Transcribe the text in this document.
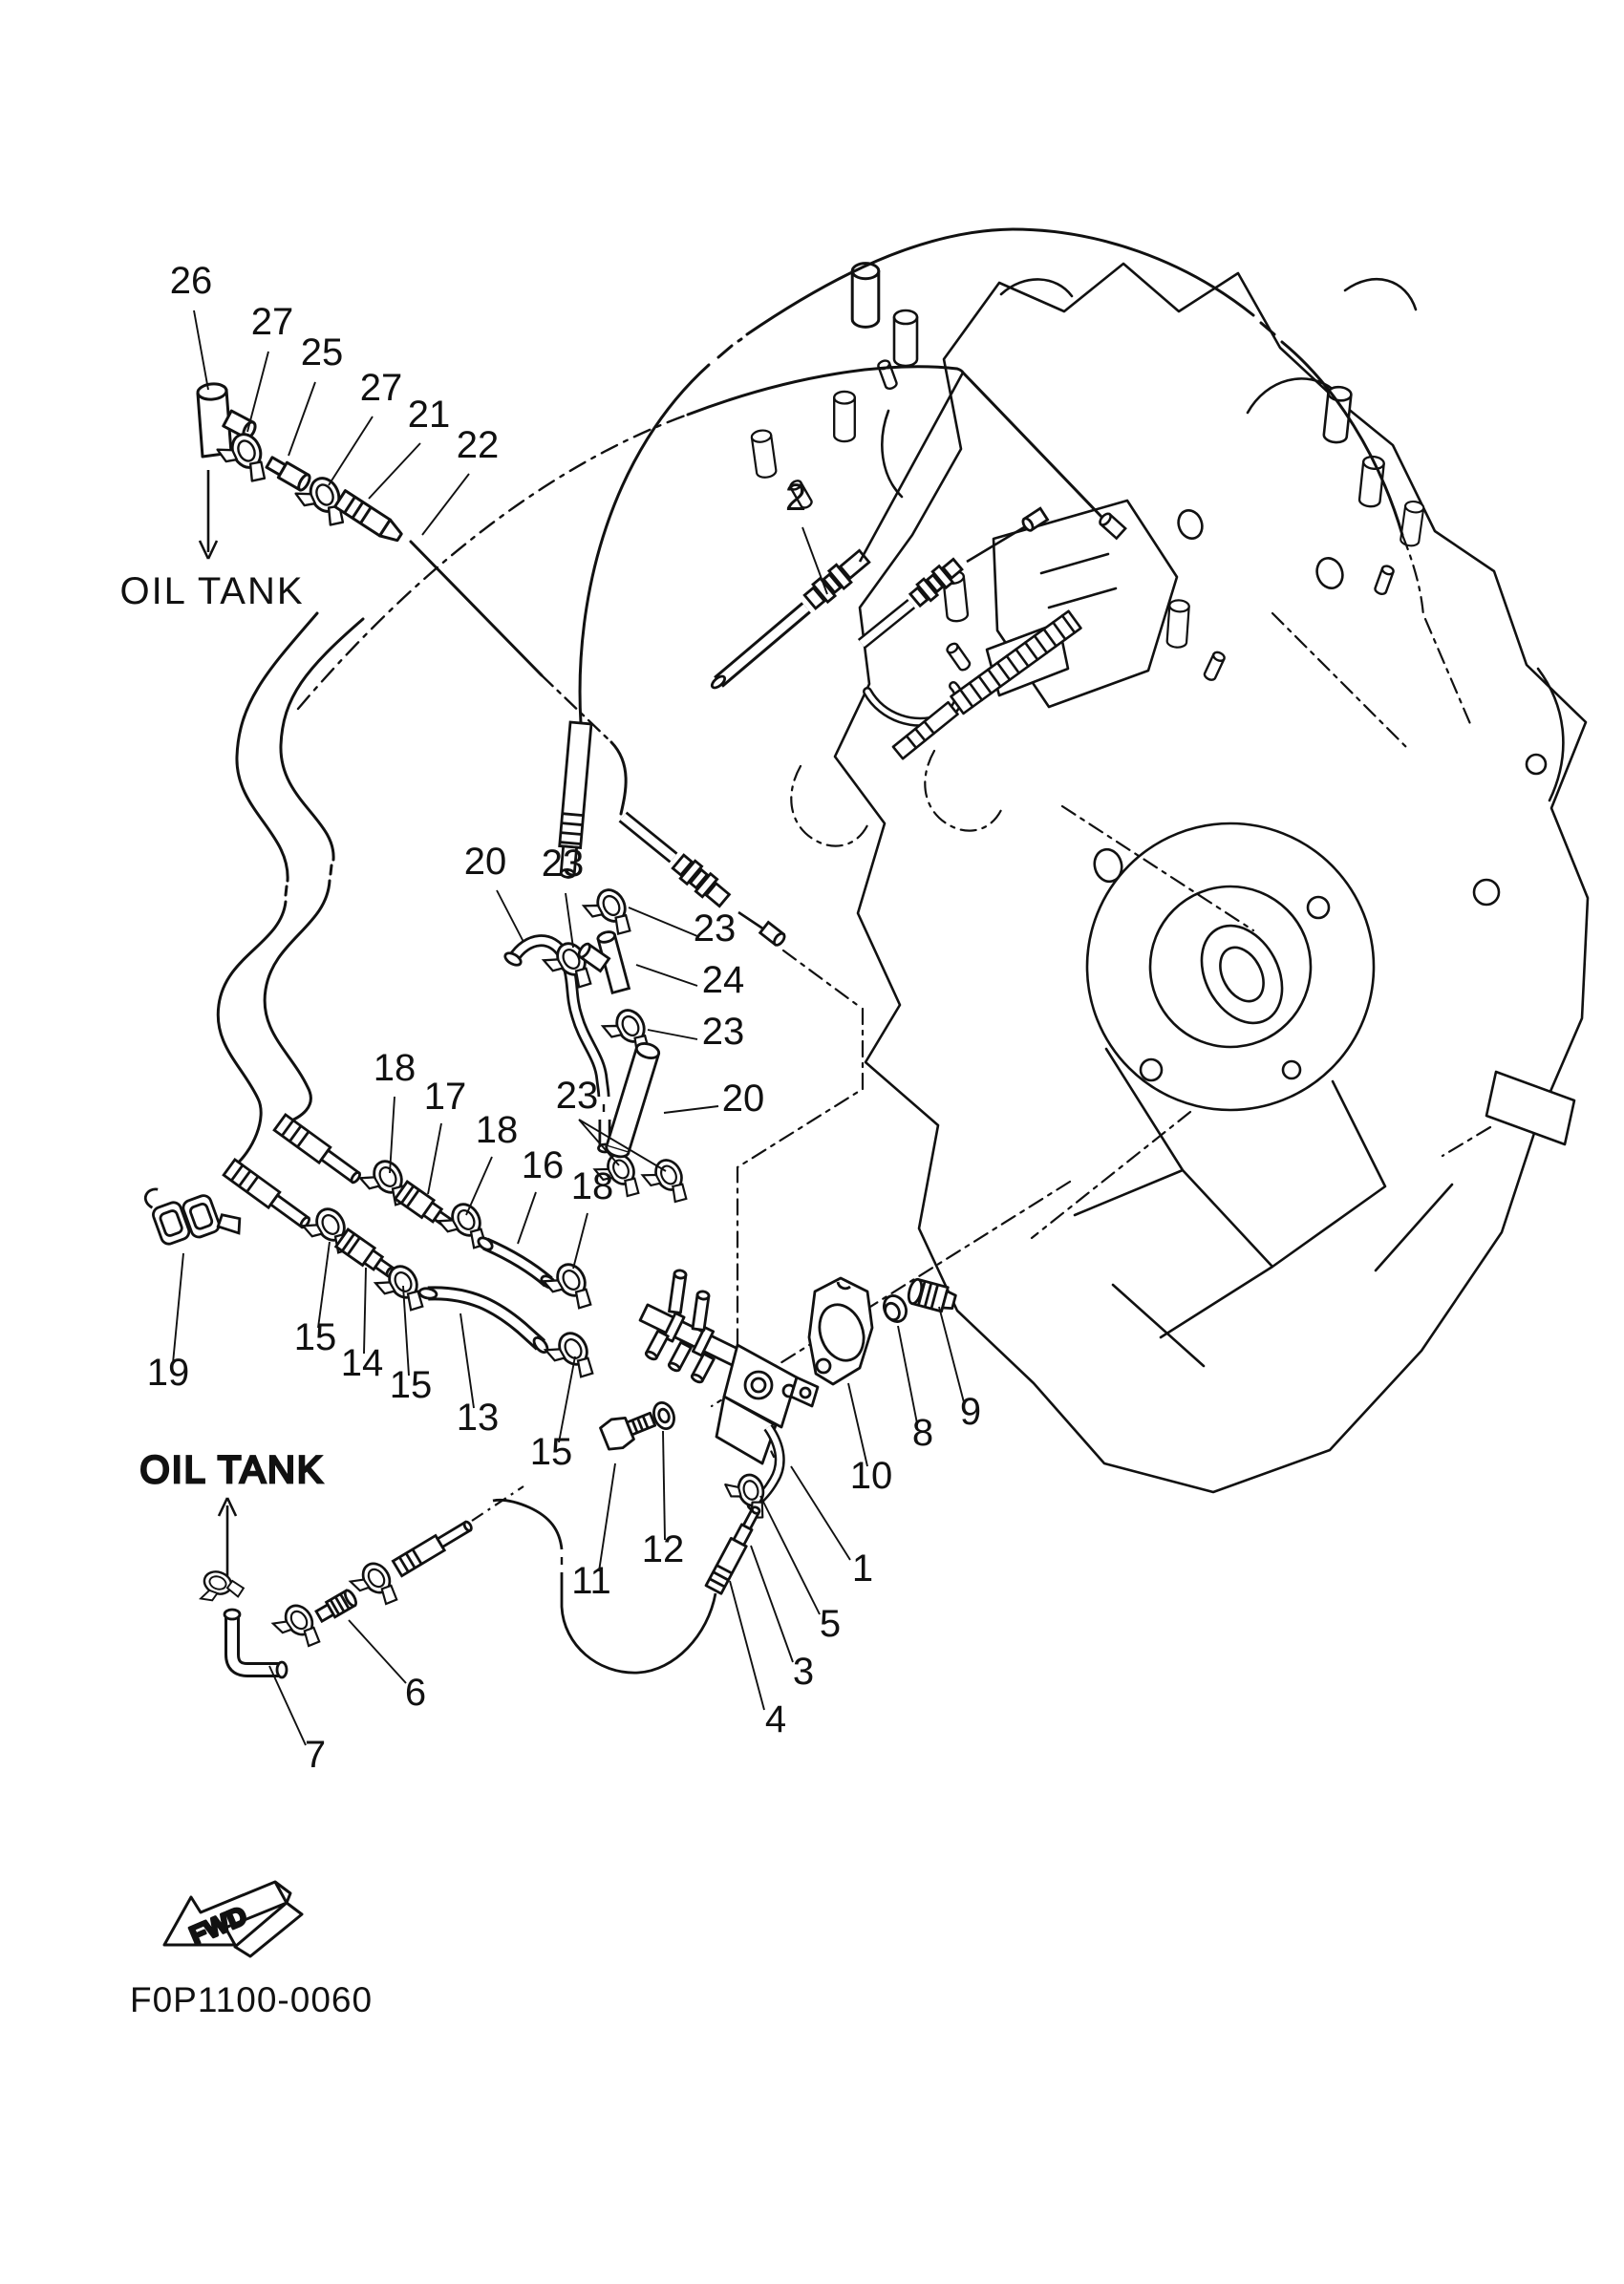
OIL TANK
OIL TANK
26
27
25
27
21
22
2
20 23
23
24
23
20
18
17
18
16
23
18
19
15
14
15
13
15
11
12	1
5
3
4
10
8 9
6
7
FWD
F0P1100-0060
